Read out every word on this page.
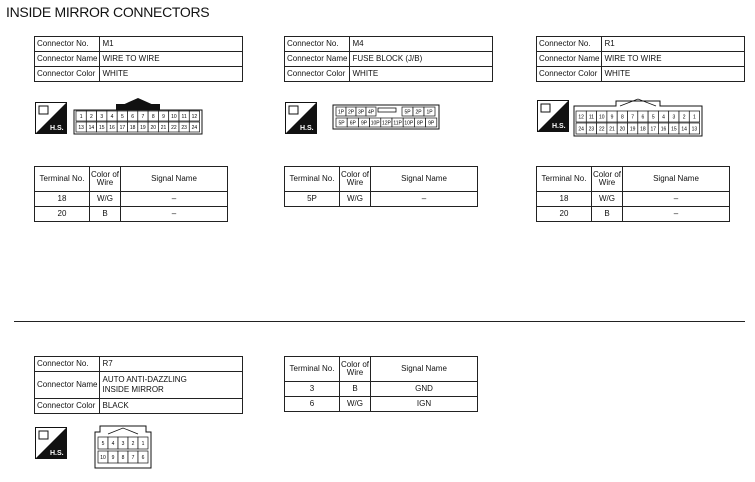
INSIDE MIRROR CONNECTORS
Connector No.	M1
Connector Name	WIRE TO WIRE
Connector Color	WHITE
H.S.
1 2 3 4 5 6 7 8 9 10 11 12
13 14 15 16 17 18 19 20 21 22 23 24
Terminal No.	Color of Wire	Signal Name
18	W/G	–
20	B	–
Connector No.	M4
Connector Name	FUSE BLOCK (J/B)
Connector Color	WHITE
H.S.
1P 2P 3P 4P	5P 2P 1P
5P 6P 9P 10P 12P 11P 10P 8P 9P
Terminal No.	Color of Wire	Signal Name
5P	W/G	–
Connector No.	R1
Connector Name	WIRE TO WIRE
Connector Color	WHITE
H.S.
12 11 10 9 8 7 6 5 4 3 2 1
24 23 22 21 20 19 18 17 16 15 14 13
Terminal No.	Color of Wire	Signal Name
18	W/G	–
20	B	–
Connector No.	R7
Connector Name	AUTO ANTI-DAZZLING
INSIDE MIRROR
Connector Color	BLACK
H.S.
5 4 3 2 1
10 9 8 7 6
Terminal No.	Color of Wire	Signal Name
3	B	GND
6	W/G	IGN
